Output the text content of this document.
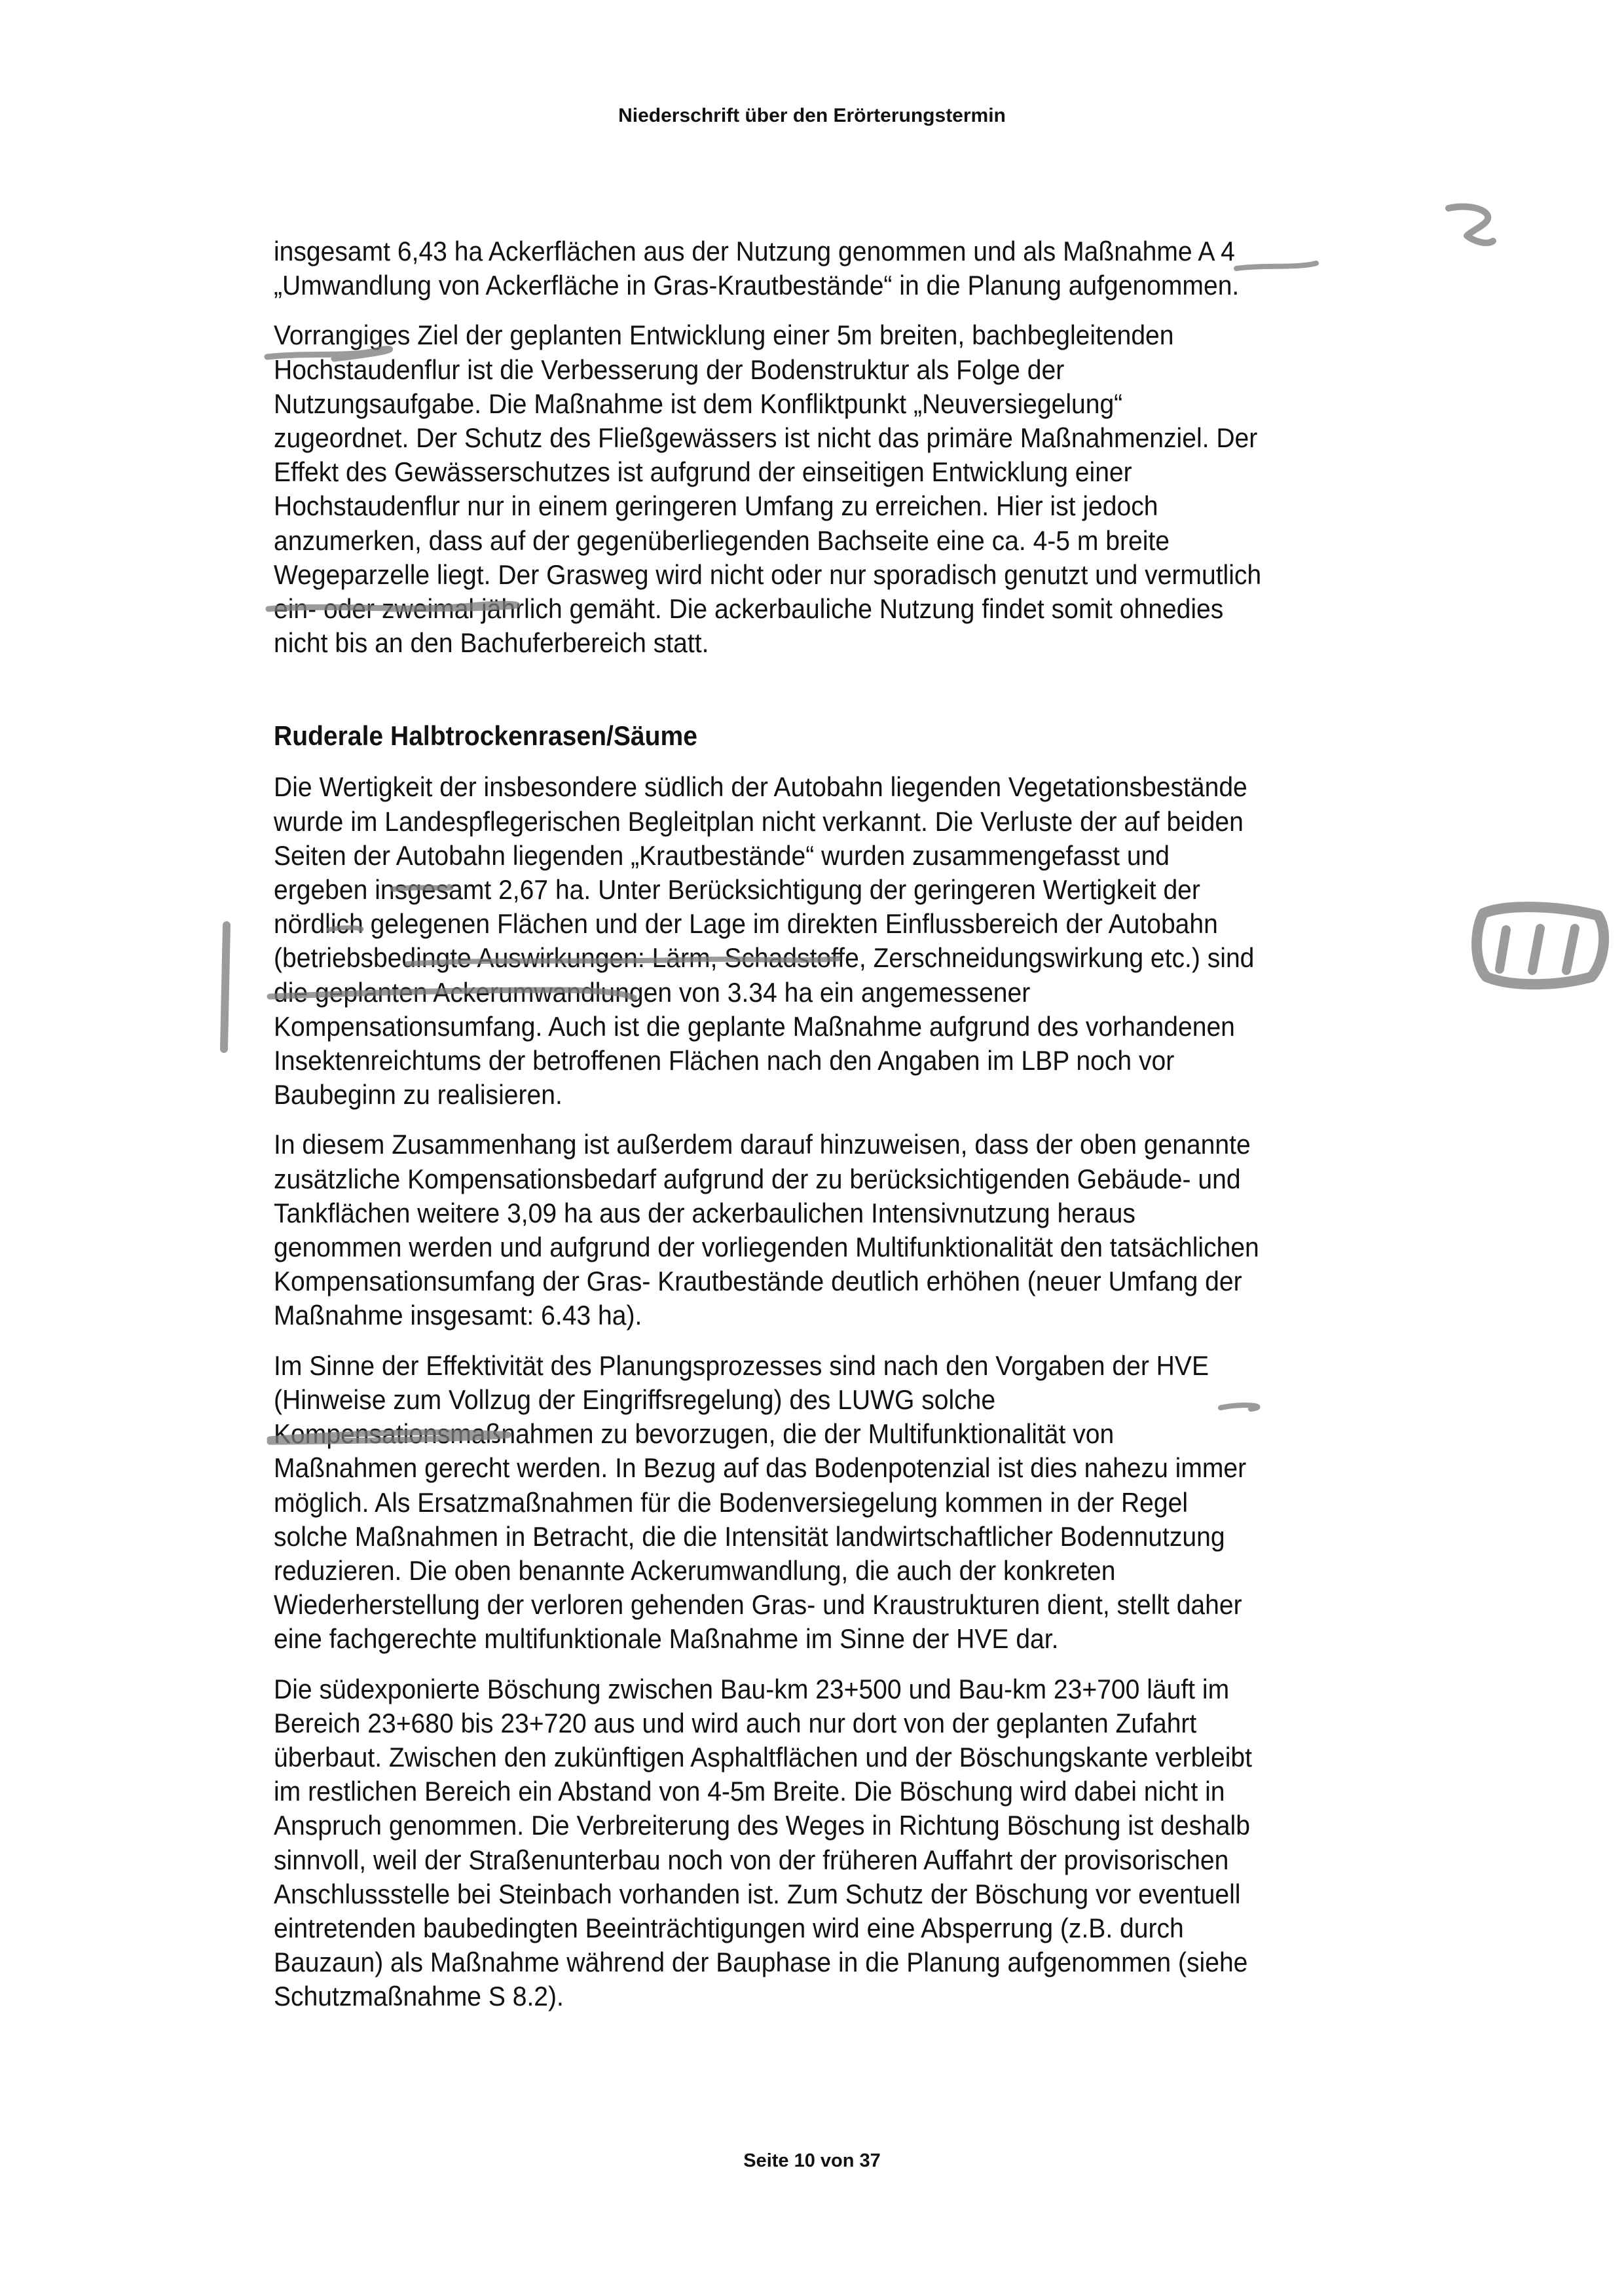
Niederschrift über den Erörterungstermin
insgesamt 6,43 ha Ackerflächen aus der Nutzung genommen und als Maßnahme A 4
„Umwandlung von Ackerfläche in Gras-Krautbestände“ in die Planung aufgenommen.
Vorrangiges Ziel der geplanten Entwicklung einer 5m breiten, bachbegleitenden
Hochstaudenflur ist die Verbesserung der Bodenstruktur als Folge der
Nutzungsaufgabe. Die Maßnahme ist dem Konfliktpunkt „Neuversiegelung“
zugeordnet. Der Schutz des Fließgewässers ist nicht das primäre Maßnahmenziel. Der
Effekt des Gewässerschutzes ist aufgrund der einseitigen Entwicklung einer
Hochstaudenflur nur in einem geringeren Umfang zu erreichen. Hier ist jedoch
anzumerken, dass auf der gegenüberliegenden Bachseite eine ca. 4-5 m breite
Wegeparzelle liegt. Der Grasweg wird nicht oder nur sporadisch genutzt und vermutlich
ein- oder zweimal jährlich gemäht. Die ackerbauliche Nutzung findet somit ohnedies
nicht bis an den Bachuferbereich statt.
Ruderale Halbtrockenrasen/Säume
Die Wertigkeit der insbesondere südlich der Autobahn liegenden Vegetationsbestände
wurde im Landespflegerischen Begleitplan nicht verkannt. Die Verluste der auf beiden
Seiten der Autobahn liegenden „Krautbestände“ wurden zusammengefasst und
ergeben insgesamt 2,67 ha. Unter Berücksichtigung der geringeren Wertigkeit der
nördlich gelegenen Flächen und der Lage im direkten Einflussbereich der Autobahn
(betriebsbedingte Auswirkungen: Lärm, Schadstoffe, Zerschneidungswirkung etc.) sind
die geplanten Ackerumwandlungen von 3.34 ha ein angemessener
Kompensationsumfang. Auch ist die geplante Maßnahme aufgrund des vorhandenen
Insektenreichtums der betroffenen Flächen nach den Angaben im LBP noch vor
Baubeginn zu realisieren.
In diesem Zusammenhang ist außerdem darauf hinzuweisen, dass der oben genannte
zusätzliche Kompensationsbedarf aufgrund der zu berücksichtigenden Gebäude- und
Tankflächen weitere 3,09 ha aus der ackerbaulichen Intensivnutzung heraus
genommen werden und aufgrund der vorliegenden Multifunktionalität den tatsächlichen
Kompensationsumfang der Gras- Krautbestände deutlich erhöhen (neuer Umfang der
Maßnahme insgesamt: 6.43 ha).
Im Sinne der Effektivität des Planungsprozesses sind nach den Vorgaben der HVE
(Hinweise zum Vollzug der Eingriffsregelung) des LUWG solche
Kompensationsmaßnahmen zu bevorzugen, die der Multifunktionalität von
Maßnahmen gerecht werden. In Bezug auf das Bodenpotenzial ist dies nahezu immer
möglich. Als Ersatzmaßnahmen für die Bodenversiegelung kommen in der Regel
solche Maßnahmen in Betracht, die die Intensität landwirtschaftlicher Bodennutzung
reduzieren. Die oben benannte Ackerumwandlung, die auch der konkreten
Wiederherstellung der verloren gehenden Gras- und Kraustrukturen dient, stellt daher
eine fachgerechte multifunktionale Maßnahme im Sinne der HVE dar.
Die südexponierte Böschung zwischen Bau-km 23+500 und Bau-km 23+700 läuft im
Bereich 23+680 bis 23+720 aus und wird auch nur dort von der geplanten Zufahrt
überbaut. Zwischen den zukünftigen Asphaltflächen und der Böschungskante verbleibt
im restlichen Bereich ein Abstand von 4-5m Breite. Die Böschung wird dabei nicht in
Anspruch genommen. Die Verbreiterung des Weges in Richtung Böschung ist deshalb
sinnvoll, weil der Straßenunterbau noch von der früheren Auffahrt der provisorischen
Anschlussstelle bei Steinbach vorhanden ist. Zum Schutz der Böschung vor eventuell
eintretenden baubedingten Beeinträchtigungen wird eine Absperrung (z.B. durch
Bauzaun) als Maßnahme während der Bauphase in die Planung aufgenommen (siehe
Schutzmaßnahme S 8.2).
Seite 10 von 37
